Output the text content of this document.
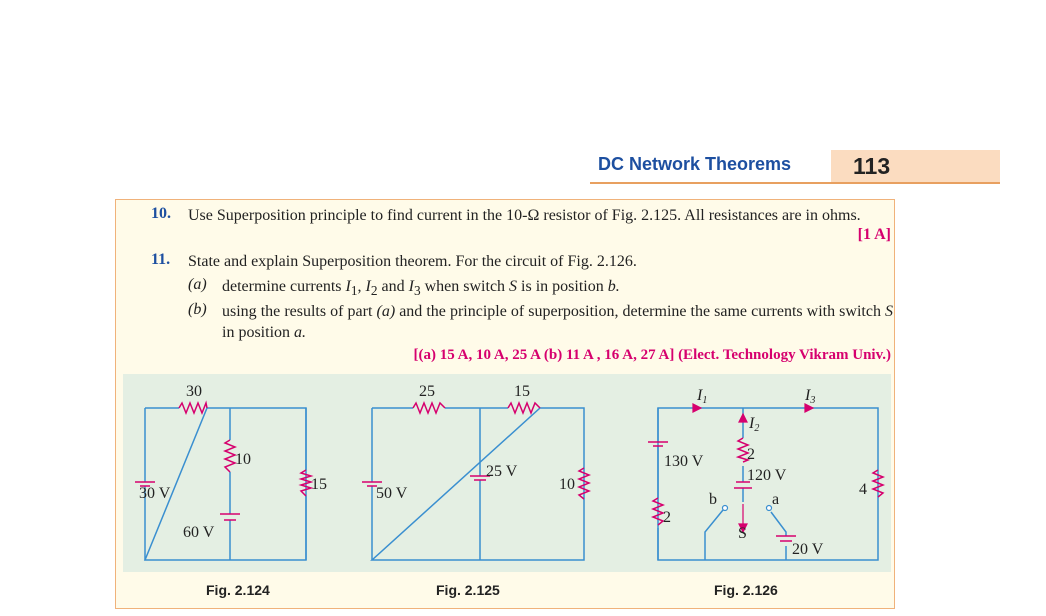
DC Network Theorems	113
10. Use Superposition principle to find current in the 10-Ω resistor of Fig. 2.125. All resistances are in ohms.
[1 A]
11. State and explain Superposition theorem. For the circuit of Fig. 2.126.
(a) determine currents $I_1$, $I_2$ and $I_3$ when switch S is in position b.
(b) using the results of part (a) and the principle of superposition, determine the same currents with switch S in position a.
[(a) 15 A, 10 A, 25 A (b) 11 A , 16 A, 27 A] (Elect. Technology Vikram Univ.)
30
10
15
30 V
60 V
25	15
10
50 V
25 V
I1	I3
I2
130 V	2
120 V
2
4
b	a
S
20 V
Fig. 2.124	Fig. 2.125	Fig. 2.126
